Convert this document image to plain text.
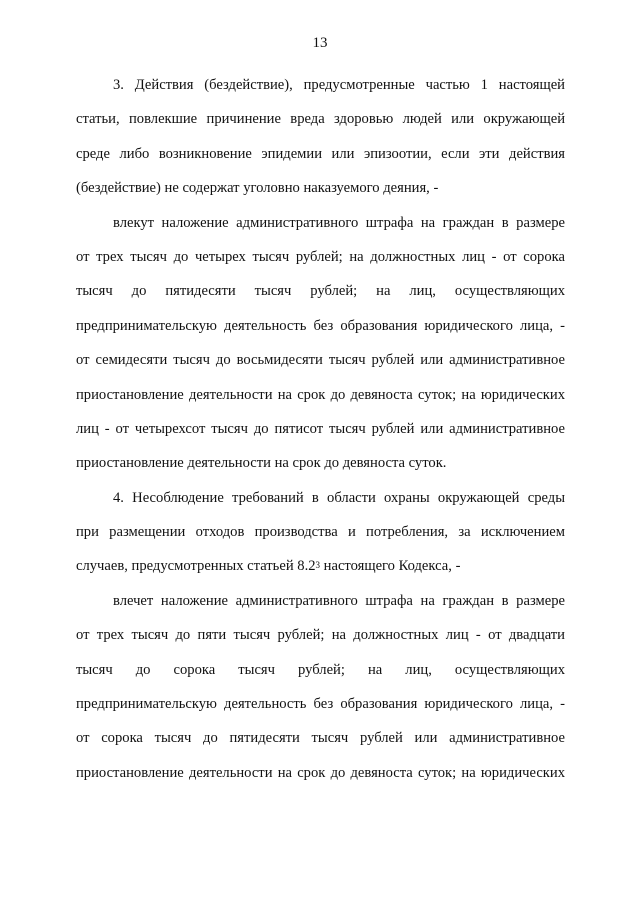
13
3. Действия (бездействие), предусмотренные частью 1 настоящей
статьи, повлекшие причинение вреда здоровью людей или окружающей
среде либо возникновение эпидемии или эпизоотии, если эти действия
(бездействие) не содержат уголовно наказуемого деяния, -
влекут наложение административного штрафа на граждан в размере
от трех тысяч до четырех тысяч рублей; на должностных лиц - от сорока
тысяч до пятидесяти тысяч рублей; на лиц, осуществляющих
предпринимательскую деятельность без образования юридического лица, -
от семидесяти тысяч до восьмидесяти тысяч рублей или административное
приостановление деятельности на срок до девяноста суток; на юридических
лиц - от четырехсот тысяч до пятисот тысяч рублей или административное
приостановление деятельности на срок до девяноста суток.
4. Несоблюдение требований в области охраны окружающей среды
при размещении отходов производства и потребления, за исключением
случаев, предусмотренных статьей $8.2^3$ настоящего Кодекса, -
влечет наложение административного штрафа на граждан в размере
от трех тысяч до пяти тысяч рублей; на должностных лиц - от двадцати
тысяч до сорока тысяч рублей; на лиц, осуществляющих
предпринимательскую деятельность без образования юридического лица, -
от сорока тысяч до пятидесяти тысяч рублей или административное
приостановление деятельности на срок до девяноста суток; на юридических
